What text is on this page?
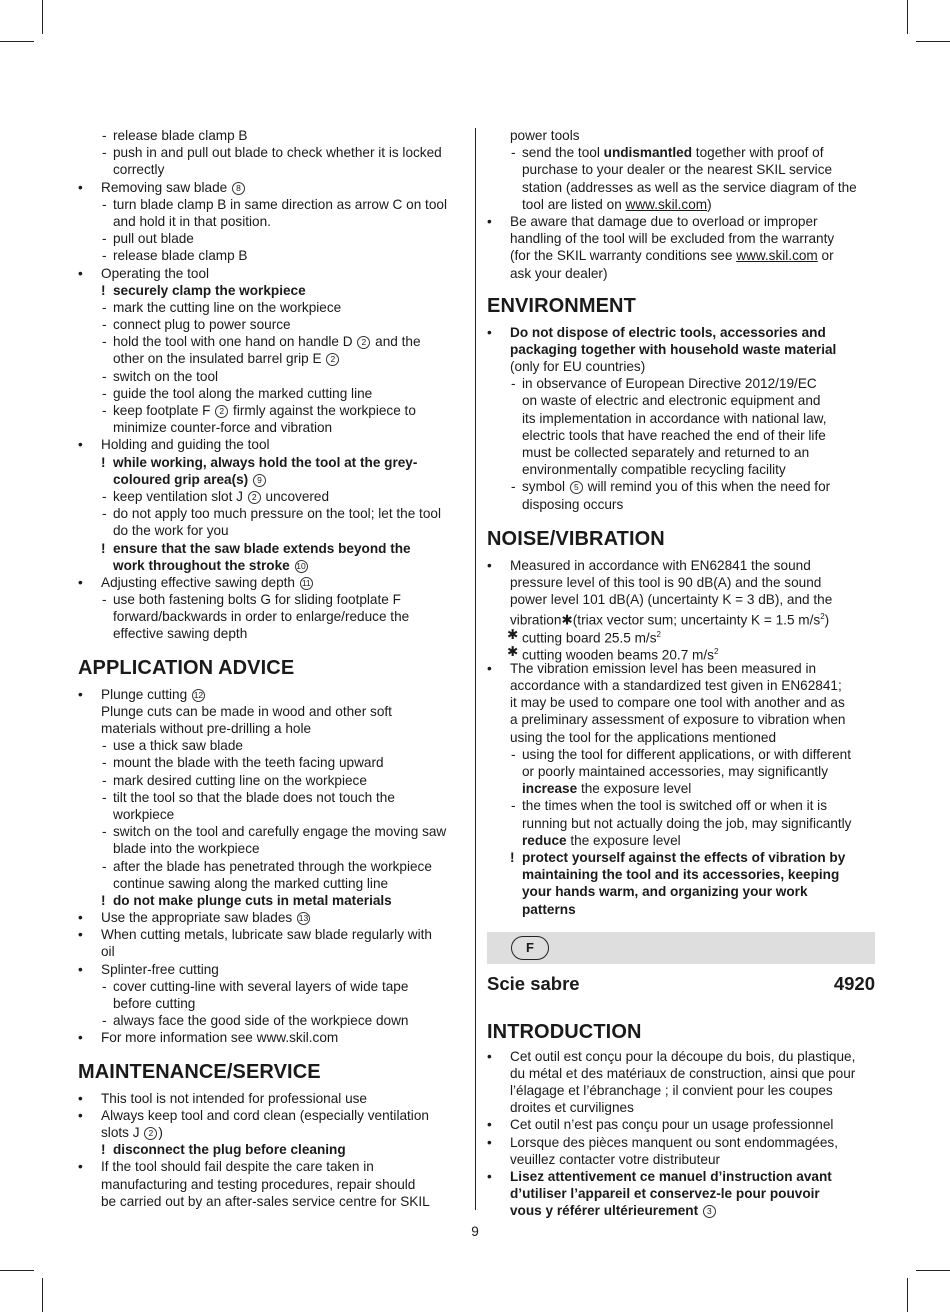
- release blade clamp B
- push in and pull out blade to check whether it is locked
correctly
• Removing saw blade 8
- turn blade clamp B in same direction as arrow C on tool
and hold it in that position.
- pull out blade
- release blade clamp B
• Operating the tool
! securely clamp the workpiece
- mark the cutting line on the workpiece
- connect plug to power source
- hold the tool with one hand on handle D 2 and the
other on the insulated barrel grip E 2
- switch on the tool
- guide the tool along the marked cutting line
- keep footplate F 2 firmly against the workpiece to
minimize counter-force and vibration
• Holding and guiding the tool
! while working, always hold the tool at the grey-
coloured grip area(s) 9
- keep ventilation slot J 2 uncovered
- do not apply too much pressure on the tool; let the tool
do the work for you
! ensure that the saw blade extends beyond the
work throughout the stroke 10
• Adjusting effective sawing depth 11
- use both fastening bolts G for sliding footplate F
forward/backwards in order to enlarge/reduce the
effective sawing depth
APPLICATION ADVICE
• Plunge cutting 12
Plunge cuts can be made in wood and other soft
materials without pre-drilling a hole
- use a thick saw blade
- mount the blade with the teeth facing upward
- mark desired cutting line on the workpiece
- tilt the tool so that the blade does not touch the
workpiece
- switch on the tool and carefully engage the moving saw
blade into the workpiece
- after the blade has penetrated through the workpiece
continue sawing along the marked cutting line
! do not make plunge cuts in metal materials
• Use the appropriate saw blades 13
• When cutting metals, lubricate saw blade regularly with
oil
• Splinter-free cutting
- cover cutting-line with several layers of wide tape
before cutting
- always face the good side of the workpiece down
• For more information see www.skil.com
MAINTENANCE/SERVICE
• This tool is not intended for professional use
• Always keep tool and cord clean (especially ventilation
slots J 2 )
! disconnect the plug before cleaning
• If the tool should fail despite the care taken in
manufacturing and testing procedures, repair should
be carried out by an after-sales service centre for SKIL
power tools
- send the tool undismantled together with proof of
purchase to your dealer or the nearest SKIL service
station (addresses as well as the service diagram of the
tool are listed on www.skil.com)
• Be aware that damage due to overload or improper
handling of the tool will be excluded from the warranty
(for the SKIL warranty conditions see www.skil.com or
ask your dealer)
ENVIRONMENT
• Do not dispose of electric tools, accessories and
packaging together with household waste material
(only for EU countries)
- in observance of European Directive 2012/19/EC
on waste of electric and electronic equipment and
its implementation in accordance with national law,
electric tools that have reached the end of their life
must be collected separately and returned to an
environmentally compatible recycling facility
- symbol 5 will remind you of this when the need for
disposing occurs
NOISE/VIBRATION
• Measured in accordance with EN62841 the sound
pressure level of this tool is 90 dB(A) and the sound
power level 101 dB(A) (uncertainty K = 3 dB), and the
vibration✱(triax vector sum; uncertainty K = 1.5 $m/s^2$)
✱ cutting board 25.5 $m/s^2$
✱ cutting wooden beams 20.7 $m/s^2$
• The vibration emission level has been measured in
accordance with a standardized test given in EN62841;
it may be used to compare one tool with another and as
a preliminary assessment of exposure to vibration when
using the tool for the applications mentioned
- using the tool for different applications, or with different
or poorly maintained accessories, may significantly
increase the exposure level
- the times when the tool is switched off or when it is
running but not actually doing the job, may significantly
reduce the exposure level
! protect yourself against the effects of vibration by
maintaining the tool and its accessories, keeping
your hands warm, and organizing your work
patterns
F
Scie sabre	4920
INTRODUCTION
• Cet outil est conçu pour la découpe du bois, du plastique,
du métal et des matériaux de construction, ainsi que pour
l’élagage et l’ébranchage ; il convient pour les coupes
droites et curvilignes
• Cet outil n’est pas conçu pour un usage professionnel
• Lorsque des pièces manquent ou sont endommagées,
veuillez contacter votre distributeur
• Lisez attentivement ce manuel d’instruction avant
d’utiliser l’appareil et conservez-le pour pouvoir
vous y référer ultérieurement 3
9
